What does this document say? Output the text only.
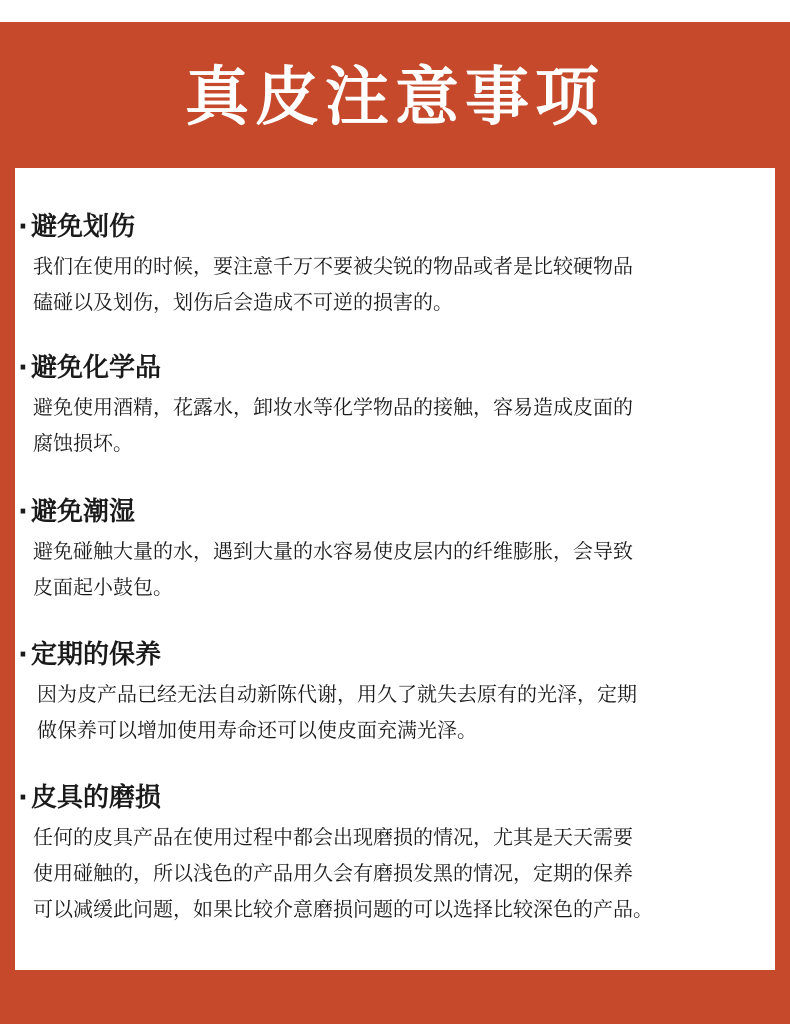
真皮注意事项
· 避免划伤
我们在使用的时候，要注意千万不要被尖锐的物品或者是比较硬物品
磕碰以及划伤，划伤后会造成不可逆的损害的。
· 避免化学品
避免使用酒精，花露水，卸妆水等化学物品的接触，容易造成皮面的
腐蚀损坏。
· 避免潮湿
避免碰触大量的水，遇到大量的水容易使皮层内的纤维膨胀，会导致
皮面起小鼓包。
· 定期的保养
因为皮产品已经无法自动新陈代谢，用久了就失去原有的光泽，定期
做保养可以增加使用寿命还可以使皮面充满光泽。
· 皮具的磨损
任何的皮具产品在使用过程中都会出现磨损的情况，尤其是天天需要
使用碰触的，所以浅色的产品用久会有磨损发黑的情况，定期的保养
可以减缓此问题，如果比较介意磨损问题的可以选择比较深色的产品。
